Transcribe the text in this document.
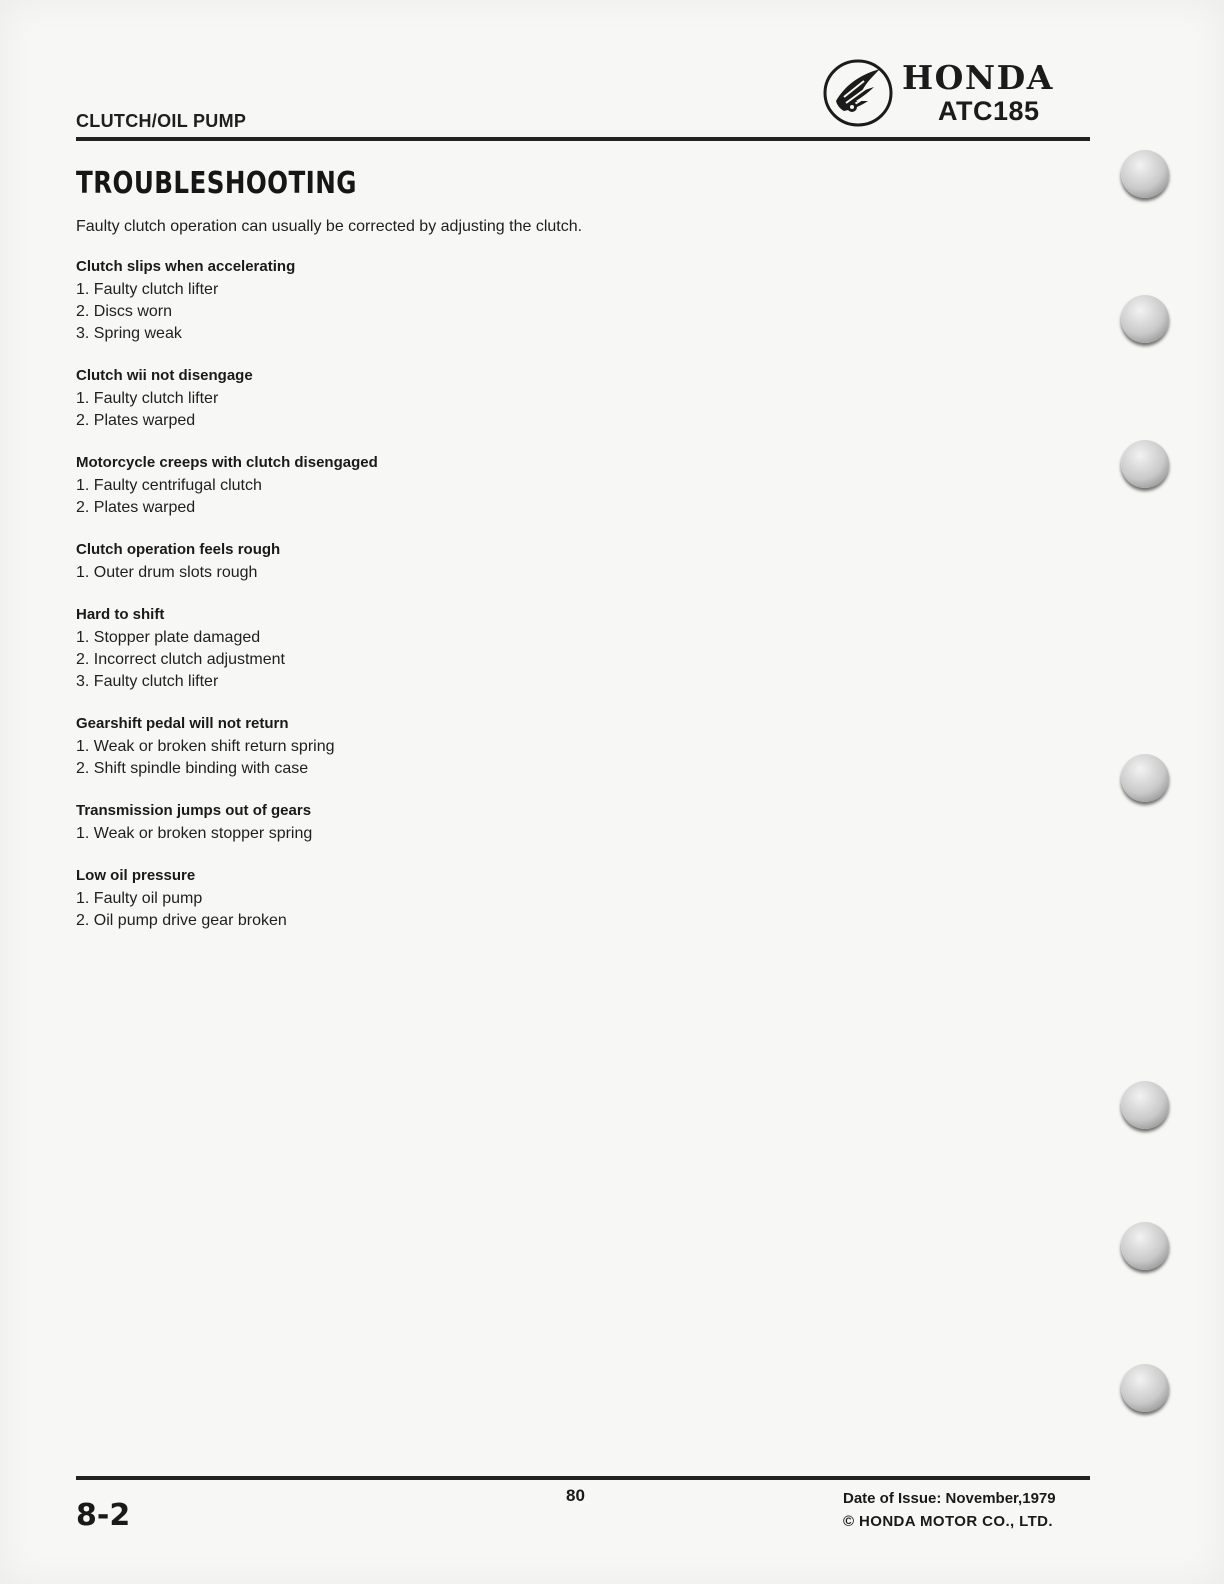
CLUTCH/OIL PUMP
HONDA
ATC185
TROUBLESHOOTING
Faulty clutch operation can usually be corrected by adjusting the clutch.
Clutch slips when accelerating
1. Faulty clutch lifter
2. Discs worn
3. Spring weak
Clutch wii not disengage
1. Faulty clutch lifter
2. Plates warped
Motorcycle creeps with clutch disengaged
1. Faulty centrifugal clutch
2. Plates warped
Clutch operation feels rough
1. Outer drum slots rough
Hard to shift
1. Stopper plate damaged
2. Incorrect clutch adjustment
3. Faulty clutch lifter
Gearshift pedal will not return
1. Weak or broken shift return spring
2. Shift spindle binding with case
Transmission jumps out of gears
1. Weak or broken stopper spring
Low oil pressure
1. Faulty oil pump
2. Oil pump drive gear broken
8-2
80	Date of Issue: November,1979
© HONDA MOTOR CO., LTD.
